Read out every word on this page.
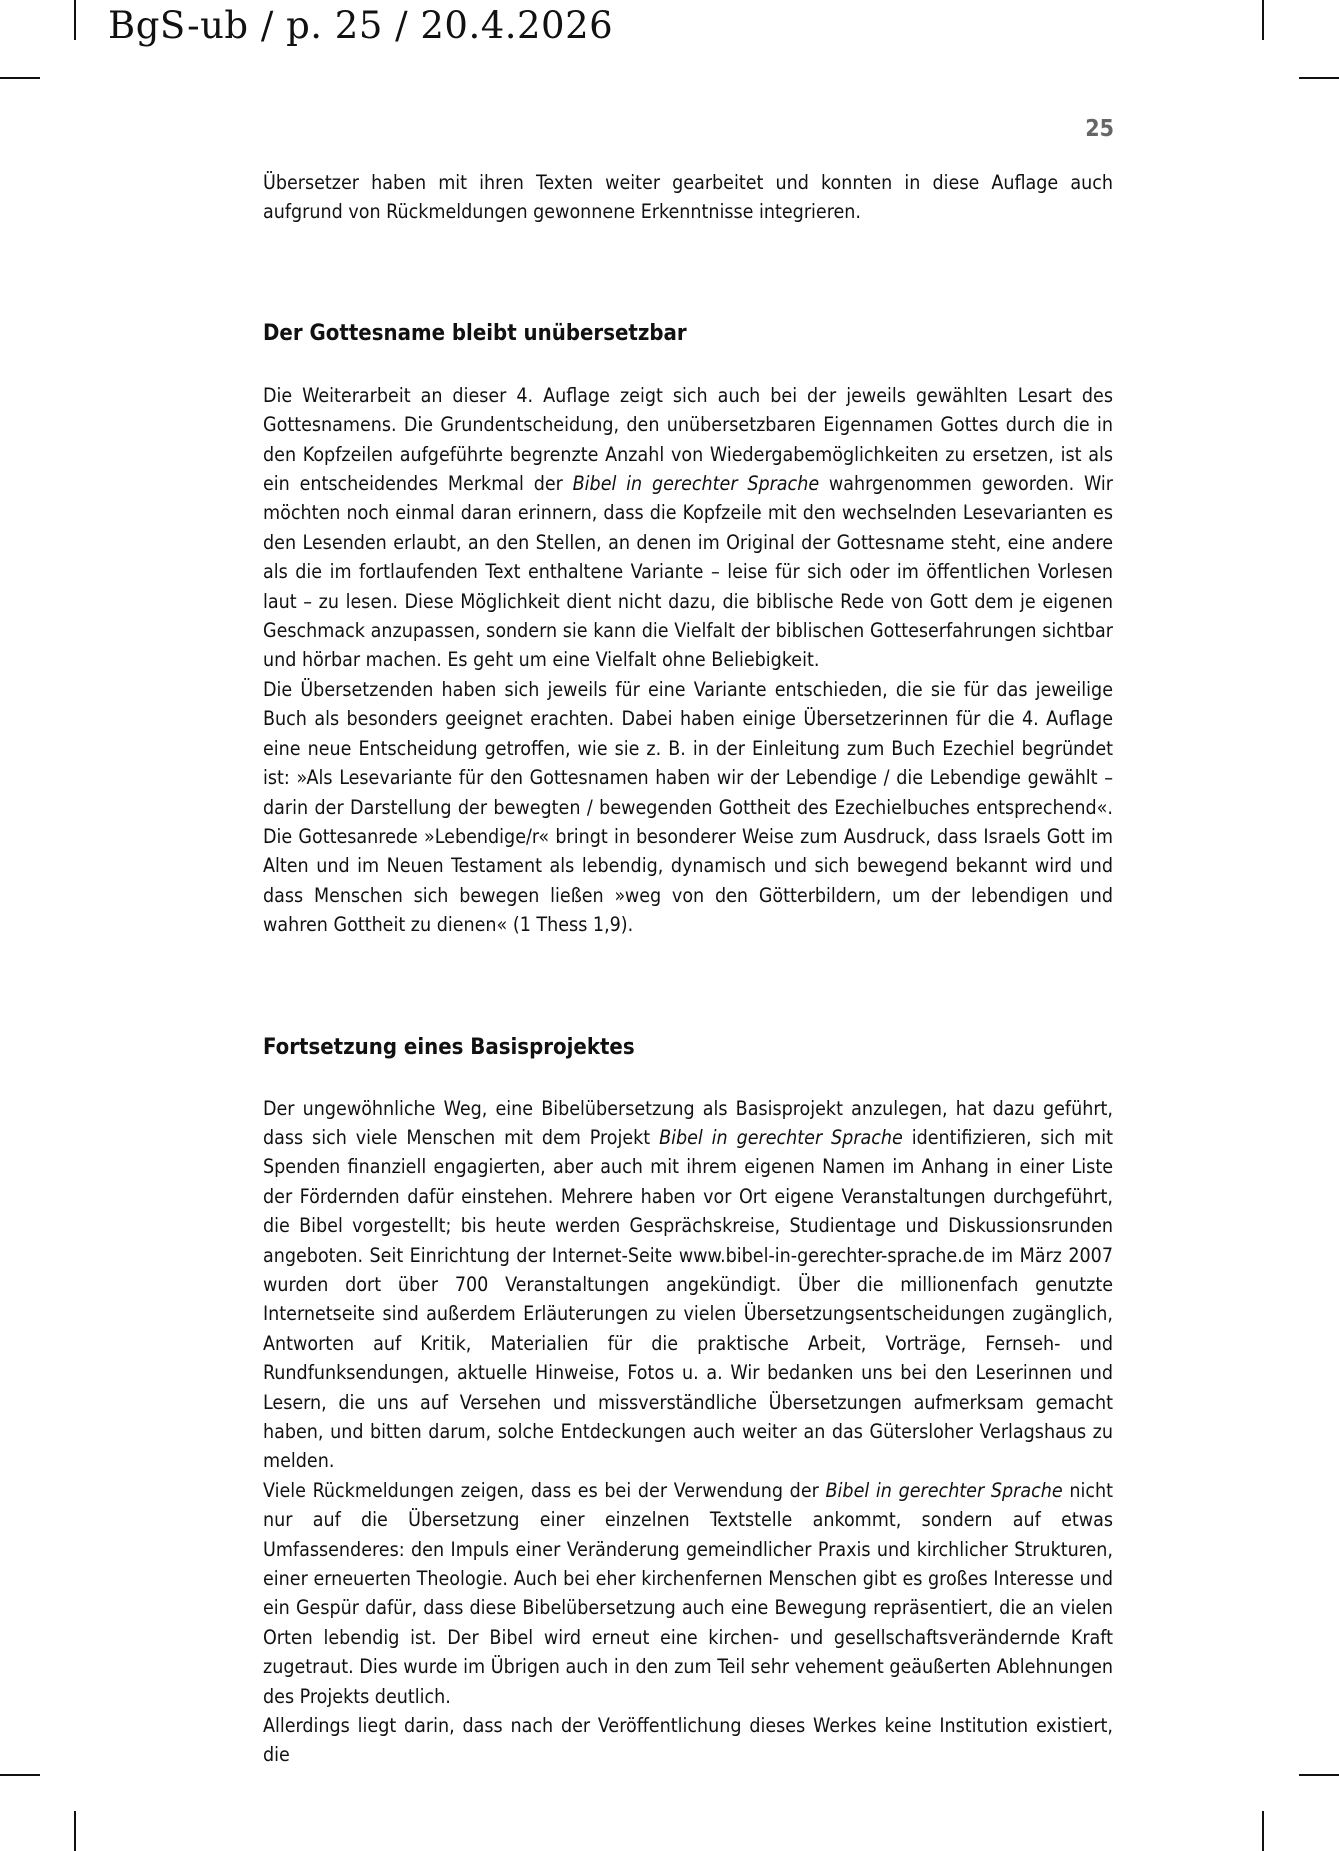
BgS-ub / p. 25 / 20.4.2026
25

Übersetzer haben mit ihren Texten weiter gearbeitet und konnten in diese Auflage auch aufgrund von Rückmeldungen gewonnene Erkenntnisse integrieren.

Der Gottesname bleibt unübersetzbar

Die Weiterarbeit an dieser 4. Auflage zeigt sich auch bei der jeweils gewählten Lesart des Gottesnamens. Die Grundentscheidung, den unübersetzbaren Eigennamen Gottes durch die in den Kopfzeilen aufgeführte begrenzte Anzahl von Wiedergabemöglichkeiten zu ersetzen, ist als ein entscheidendes Merkmal der Bibel in gerechter Sprache wahrgenommen geworden. Wir möchten noch einmal daran erinnern, dass die Kopfzeile mit den wechselnden Lesevarianten es den Lesenden erlaubt, an den Stellen, an denen im Original der Gottesname steht, eine andere als die im fortlaufenden Text enthaltene Variante – leise für sich oder im öffentlichen Vorlesen laut – zu lesen. Diese Möglichkeit dient nicht dazu, die biblische Rede von Gott dem je eigenen Geschmack anzupassen, sondern sie kann die Vielfalt der biblischen Gotteserfahrungen sichtbar und hörbar machen. Es geht um eine Vielfalt ohne Beliebigkeit.

Die Übersetzenden haben sich jeweils für eine Variante entschieden, die sie für das jeweilige Buch als besonders geeignet erachten. Dabei haben einige Übersetzerinnen für die 4. Auflage eine neue Entscheidung getroffen, wie sie z. B. in der Einleitung zum Buch Ezechiel begründet ist: »Als Lesevariante für den Gottesnamen haben wir der Lebendige / die Lebendige gewählt – darin der Darstellung der bewegten / bewegenden Gottheit des Ezechielbuches entsprechend«. Die Gottesanrede »Lebendige/r« bringt in besonderer Weise zum Ausdruck, dass Israels Gott im Alten und im Neuen Testament als lebendig, dynamisch und sich bewegend bekannt wird und dass Menschen sich bewegen ließen »weg von den Götterbildern, um der lebendigen und wahren Gottheit zu dienen« (1 Thess 1,9).

Fortsetzung eines Basisprojektes

Der ungewöhnliche Weg, eine Bibelübersetzung als Basisprojekt anzulegen, hat dazu geführt, dass sich viele Menschen mit dem Projekt Bibel in gerechter Sprache identifizieren, sich mit Spenden finanziell engagierten, aber auch mit ihrem eigenen Namen im Anhang in einer Liste der Fördernden dafür einstehen. Mehrere haben vor Ort eigene Veranstaltungen durchgeführt, die Bibel vorgestellt; bis heute werden Gesprächskreise, Studientage und Diskussionsrunden angeboten. Seit Einrichtung der Internet-Seite www.bibel-in-gerechter-sprache.de im März 2007 wurden dort über 700 Veranstaltungen angekündigt. Über die millionenfach genutzte Internetseite sind außerdem Erläuterungen zu vielen Übersetzungsentscheidungen zugänglich, Antworten auf Kritik, Materialien für die praktische Arbeit, Vorträge, Fernseh- und Rundfunksendungen, aktuelle Hinweise, Fotos u. a. Wir bedanken uns bei den Leserinnen und Lesern, die uns auf Versehen und missverständliche Übersetzungen aufmerksam gemacht haben, und bitten darum, solche Entdeckungen auch weiter an das Gütersloher Verlagshaus zu melden.

Viele Rückmeldungen zeigen, dass es bei der Verwendung der Bibel in gerechter Sprache nicht nur auf die Übersetzung einer einzelnen Textstelle ankommt, sondern auf etwas Umfassenderes: den Impuls einer Veränderung gemeindlicher Praxis und kirchlicher Strukturen, einer erneuerten Theologie. Auch bei eher kirchenfernen Menschen gibt es großes Interesse und ein Gespür dafür, dass diese Bibelübersetzung auch eine Bewegung repräsentiert, die an vielen Orten lebendig ist. Der Bibel wird erneut eine kirchen- und gesellschaftsverändernde Kraft zugetraut. Dies wurde im Übrigen auch in den zum Teil sehr vehement geäußerten Ablehnungen des Projekts deutlich.

Allerdings liegt darin, dass nach der Veröffentlichung dieses Werkes keine Institution existiert, die
